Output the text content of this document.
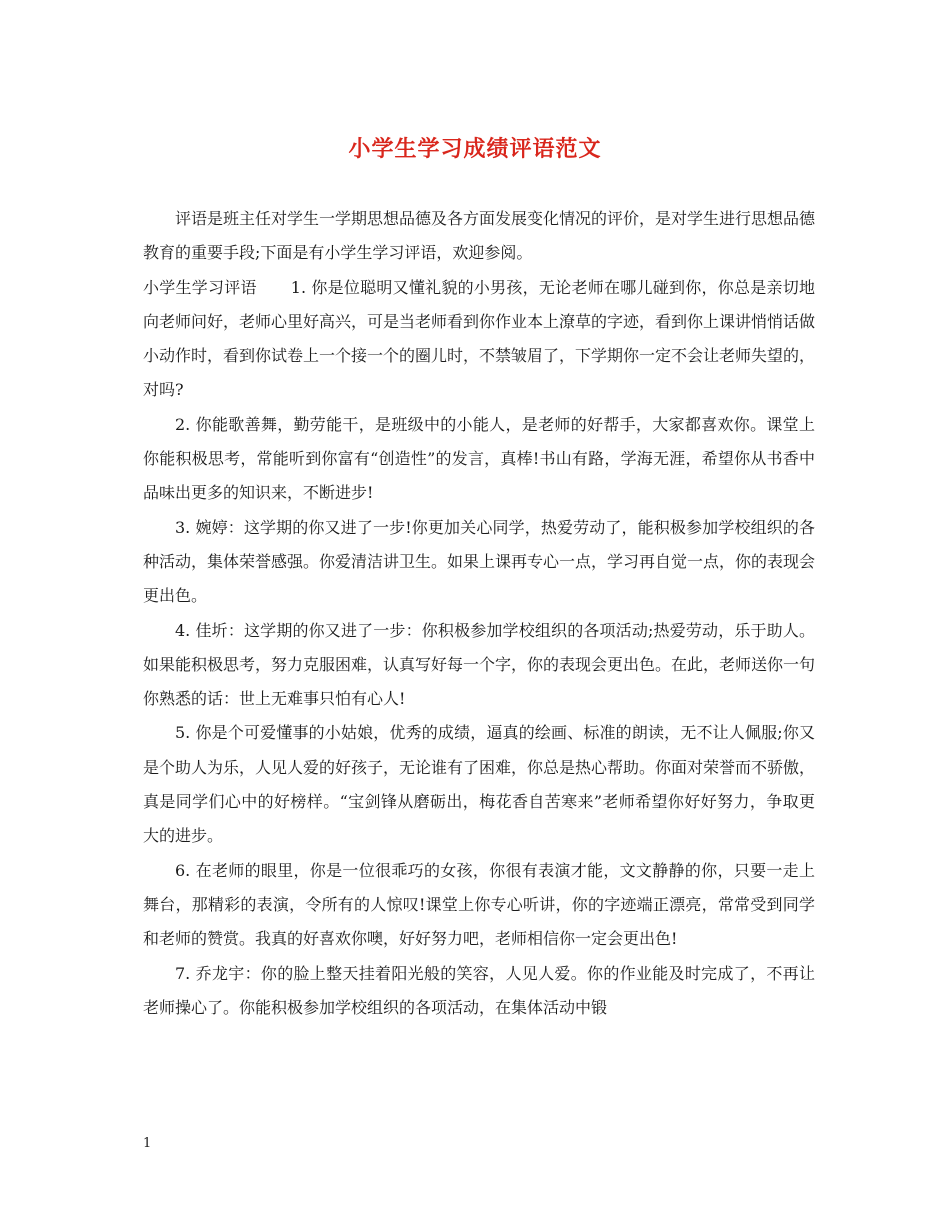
小学生学习成绩评语范文

评语是班主任对学生一学期思想品德及各方面发展变化情况的评价，是对学生进行思想品德教育的重要手段;下面是有小学生学习评语，欢迎参阅。

小学生学习评语 1. 你是位聪明又懂礼貌的小男孩，无论老师在哪儿碰到你，你总是亲切地向老师问好，老师心里好高兴，可是当老师看到你作业本上潦草的字迹，看到你上课讲悄悄话做小动作时，看到你试卷上一个接一个的圈儿时，不禁皱眉了，下学期你一定不会让老师失望的，对吗?

2. 你能歌善舞，勤劳能干，是班级中的小能人，是老师的好帮手，大家都喜欢你。课堂上你能积极思考，常能听到你富有“创造性”的发言，真棒!书山有路，学海无涯，希望你从书香中品味出更多的知识来，不断进步!

3. 婉婷：这学期的你又进了一步!你更加关心同学，热爱劳动了，能积极参加学校组织的各种活动，集体荣誉感强。你爱清洁讲卫生。如果上课再专心一点，学习再自觉一点，你的表现会更出色。

4. 佳圻：这学期的你又进了一步：你积极参加学校组织的各项活动;热爱劳动，乐于助人。如果能积极思考，努力克服困难，认真写好每一个字，你的表现会更出色。在此，老师送你一句你熟悉的话：世上无难事只怕有心人!

5. 你是个可爱懂事的小姑娘，优秀的成绩，逼真的绘画、标准的朗读，无不让人佩服;你又是个助人为乐，人见人爱的好孩子，无论谁有了困难，你总是热心帮助。你面对荣誉而不骄傲，真是同学们心中的好榜样。“宝剑锋从磨砺出，梅花香自苦寒来”老师希望你好好努力，争取更大的进步。

6. 在老师的眼里，你是一位很乖巧的女孩，你很有表演才能，文文静静的你，只要一走上舞台，那精彩的表演，令所有的人惊叹!课堂上你专心听讲，你的字迹端正漂亮，常常受到同学和老师的赞赏。我真的好喜欢你噢，好好努力吧，老师相信你一定会更出色!

7. 乔龙宇：你的脸上整天挂着阳光般的笑容，人见人爱。你的作业能及时完成了，不再让老师操心了。你能积极参加学校组织的各项活动，在集体活动中锻

1
